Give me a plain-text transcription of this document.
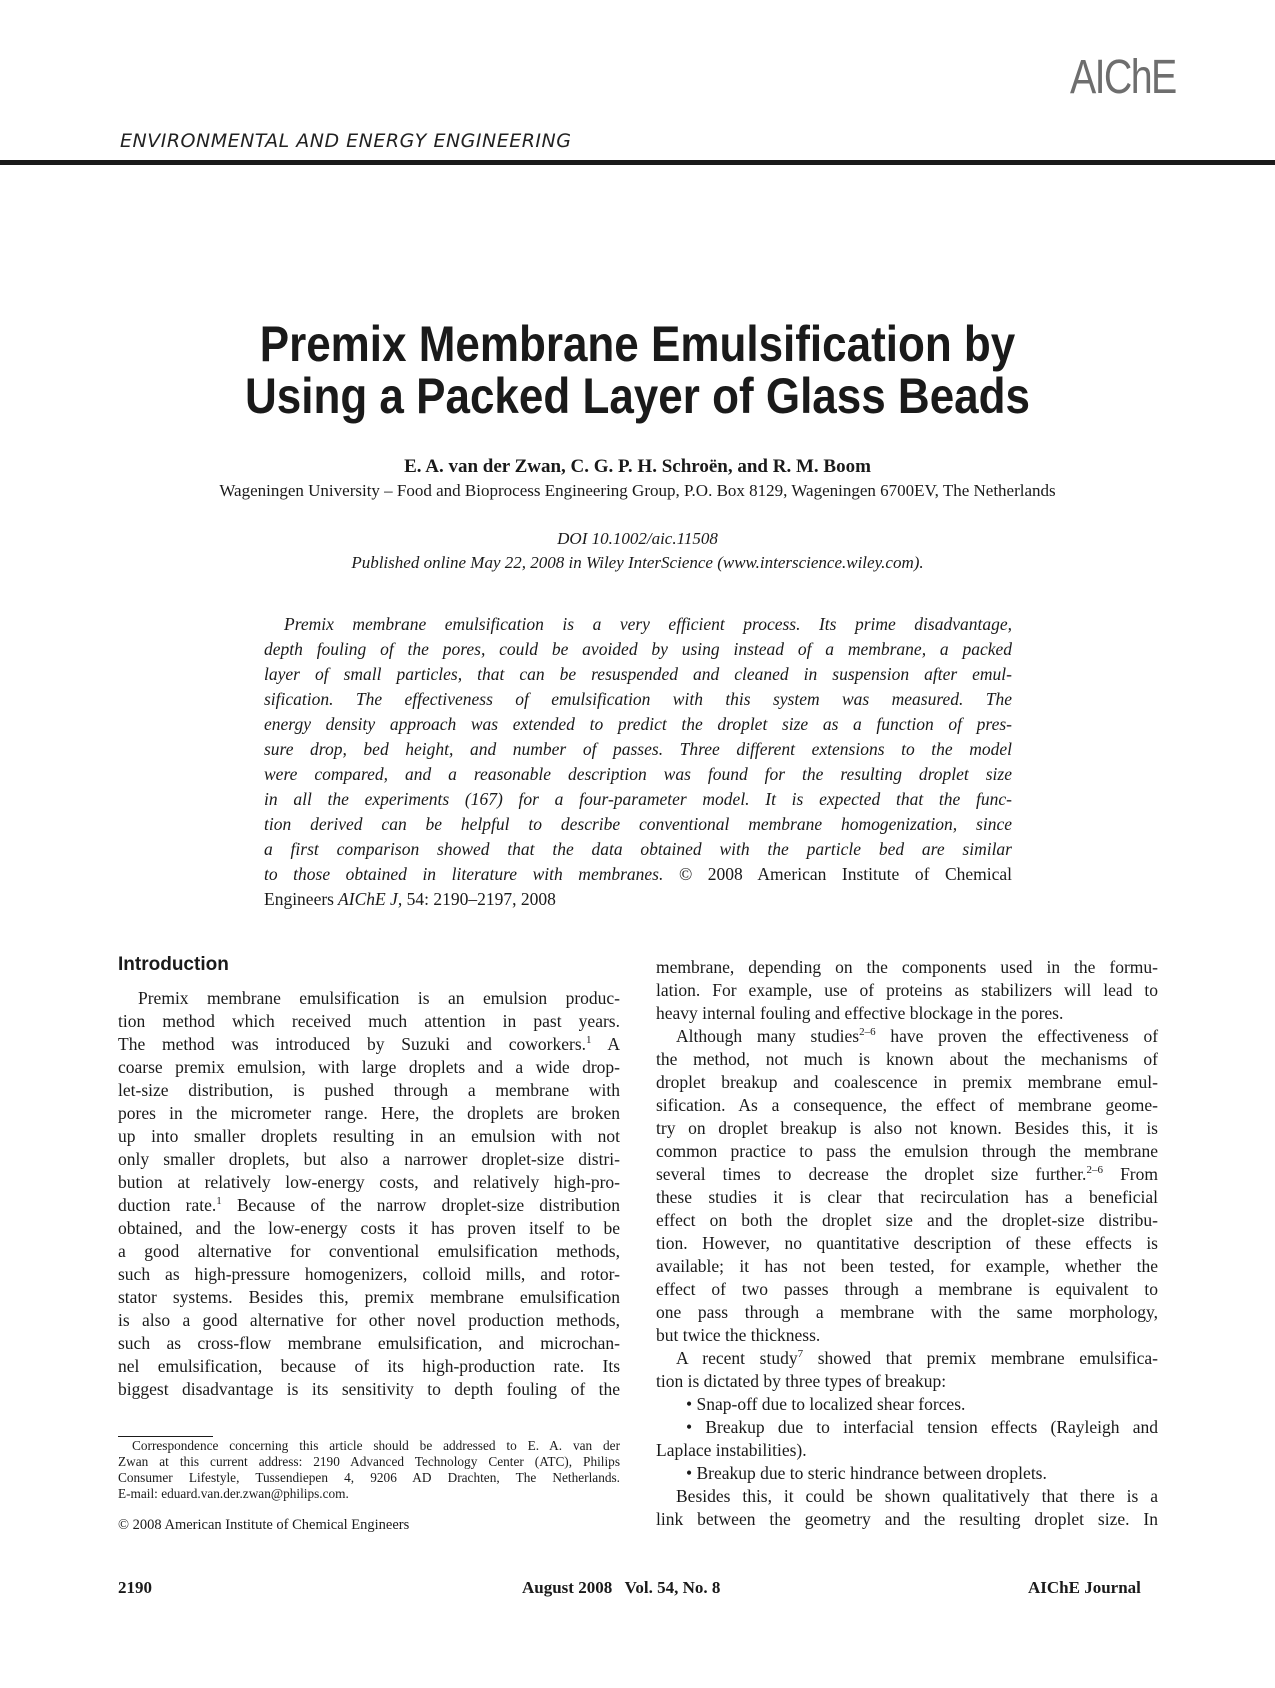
AIChE
ENVIRONMENTAL AND ENERGY ENGINEERING
Premix Membrane Emulsification by
Using a Packed Layer of Glass Beads
E. A. van der Zwan, C. G. P. H. Schroën, and R. M. Boom
Wageningen University – Food and Bioprocess Engineering Group, P.O. Box 8129, Wageningen 6700EV, The Netherlands
DOI 10.1002/aic.11508
Published online May 22, 2008 in Wiley InterScience (www.interscience.wiley.com).
Premix membrane emulsification is a very efficient process. Its prime disadvantage,
depth fouling of the pores, could be avoided by using instead of a membrane, a packed
layer of small particles, that can be resuspended and cleaned in suspension after emul-
sification. The effectiveness of emulsification with this system was measured. The
energy density approach was extended to predict the droplet size as a function of pres-
sure drop, bed height, and number of passes. Three different extensions to the model
were compared, and a reasonable description was found for the resulting droplet size
in all the experiments (167) for a four-parameter model. It is expected that the func-
tion derived can be helpful to describe conventional membrane homogenization, since
a first comparison showed that the data obtained with the particle bed are similar
to those obtained in literature with membranes. © 2008 American Institute of Chemical
Engineers AIChE J, 54: 2190–2197, 2008
Introduction
Premix membrane emulsification is an emulsion produc-
tion method which received much attention in past years.
The method was introduced by Suzuki and coworkers.$^1$ A
coarse premix emulsion, with large droplets and a wide drop-
let-size distribution, is pushed through a membrane with
pores in the micrometer range. Here, the droplets are broken
up into smaller droplets resulting in an emulsion with not
only smaller droplets, but also a narrower droplet-size distri-
bution at relatively low-energy costs, and relatively high-pro-
duction rate.$^1$ Because of the narrow droplet-size distribution
obtained, and the low-energy costs it has proven itself to be
a good alternative for conventional emulsification methods,
such as high-pressure homogenizers, colloid mills, and rotor-
stator systems. Besides this, premix membrane emulsification
is also a good alternative for other novel production methods,
such as cross-flow membrane emulsification, and microchan-
nel emulsification, because of its high-production rate. Its
biggest disadvantage is its sensitivity to depth fouling of the
Correspondence concerning this article should be addressed to E. A. van der
Zwan at this current address: 2190 Advanced Technology Center (ATC), Philips
Consumer Lifestyle, Tussendiepen 4, 9206 AD Drachten, The Netherlands.
E-mail: eduard.van.der.zwan@philips.com.
© 2008 American Institute of Chemical Engineers
membrane, depending on the components used in the formu-
lation. For example, use of proteins as stabilizers will lead to
heavy internal fouling and effective blockage in the pores.
Although many studies$^{2-6}$ have proven the effectiveness of
the method, not much is known about the mechanisms of
droplet breakup and coalescence in premix membrane emul-
sification. As a consequence, the effect of membrane geome-
try on droplet breakup is also not known. Besides this, it is
common practice to pass the emulsion through the membrane
several times to decrease the droplet size further.$^{2-6}$ From
these studies it is clear that recirculation has a beneficial
effect on both the droplet size and the droplet-size distribu-
tion. However, no quantitative description of these effects is
available; it has not been tested, for example, whether the
effect of two passes through a membrane is equivalent to
one pass through a membrane with the same morphology,
but twice the thickness.
A recent study$^7$ showed that premix membrane emulsifica-
tion is dictated by three types of breakup:
• Snap-off due to localized shear forces.
• Breakup due to interfacial tension effects (Rayleigh and
Laplace instabilities).
• Breakup due to steric hindrance between droplets.
Besides this, it could be shown qualitatively that there is a
link between the geometry and the resulting droplet size. In
2190	August 2008   Vol. 54, No. 8	AIChE Journal
